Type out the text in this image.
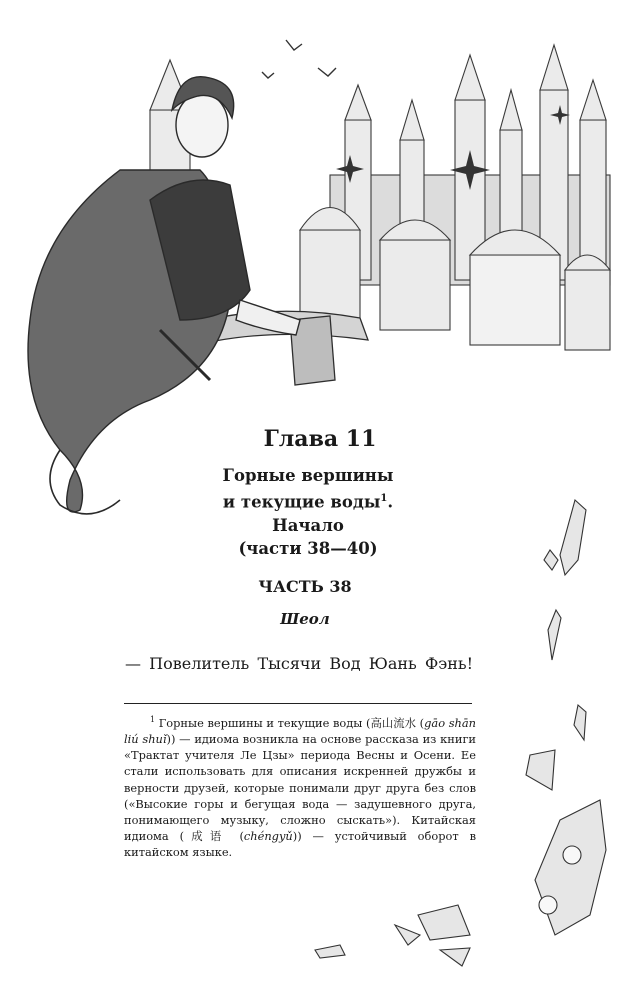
Глава 11
Горные вершины
и текущие воды$^1$.
Начало
(части 38—40)
ЧАСТЬ 38
Шеол

— Повелитель Тысячи Вод Юань Фэнь!

$^1$ Горные вершины и текущие воды (高山流水 (gāo shān liú shuǐ)) — идиома возникла на основе рассказа из книги «Трактат учителя Ле Цзы» периода Весны и Осени. Ее стали использовать для описания искренней дружбы и верности друзей, которые понимали друг друга без слов («Высокие горы и бегущая вода — задушевного друга, понимающего музыку, сложно сыскать»). Китайская идиома (成语 (chéngyǔ)) — устойчивый оборот в китайском языке.
